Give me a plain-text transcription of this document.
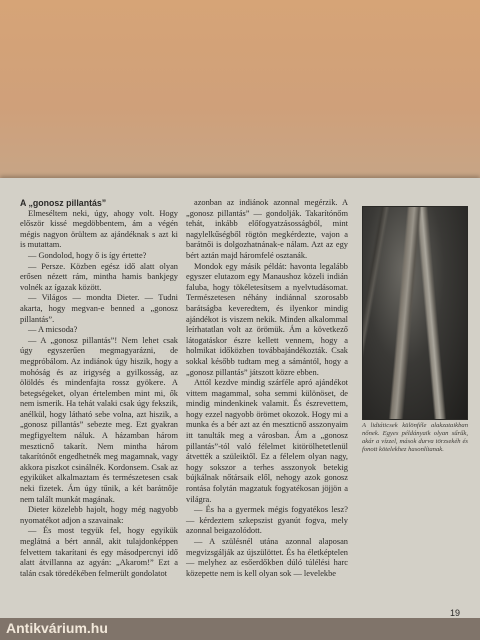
A „gonosz pillantás”

Elmeséltem neki, úgy, ahogy volt. Hogy először kissé megdöbbentem, ám a végén mégis nagyon örültem az ajándéknak s azt ki is mutattam.

— Gondolod, hogy ő is így értette?

— Persze. Közben egész idő alatt olyan erősen nézett rám, mintha hamis bankjegy volnék az ígazak között.

— Világos — mondta Dieter. — Tudni akarta, hogy megvan-e benned a „gonosz pillantás”.

— A micsoda?

— A „gonosz pillantás”! Nem lehet csak úgy egyszerűen megmagyarázni, de megpróbálom. Az indiánok úgy hiszik, hogy a mohóság és az irigység a gyilkosság, az ölöldés és mindenfajta rossz gyökere. A betegségeket, olyan értelemben mint mi, ők nem ismerik. Ha tehát valaki csak úgy fekszik, anélkül, hogy látható sebe volna, azt hiszik, a „gonosz pillantás” sebezte meg. Ezt gyakran megfigyeltem náluk. A házamban három meszticnő takarít. Nem mintha három takarítónőt engedhetnék meg magamnak, vagy akkora piszkot csinálnék. Kordonsem. Csak az egyiküket alkalmaztam és természetesen csak neki fizetek. Ám úgy tűnik, a két barátnője nem talált munkát magának.

Dieter közelebb hajolt, hogy még nagyobb nyomatékot adjon a szavainak:

— És most tegyük fel, hogy egyikük meglátná a bért annál, akit tulajdonképpen felvettem takarítani és egy másodpercnyi idő alatt átvillanna az agyán: „Akarom!” Ezt a talán csak töredékében felmerült gondolatot

azonban az indiánok azonnal megérzik. A „gonosz pillantás” — gondolják. Takarítónőm tehát, inkább előfogyatzásosságból, mint nagylelkűségből rögtön megkérdezte, vajon a barátnői is dolgozhatnának-e nálam. Azt az egy bért aztán majd háromfelé osztanák.

Mondok egy másik példát: havonta legalább egyszer elutazom egy Manaushoz közeli indián faluba, hogy tökéletesítsem a nyelvtudásomat. Természetesen néhány indiánnal szorosabb barátságba keveredtem, és ilyenkor mindig ajándékot is viszem nekik. Minden alkalommal leírhatatlan volt az örömük. Ám a következő látogatáskor észre kellett vennem, hogy a holmikat időközben továbbajándékozták. Csak sokkal később tudtam meg a sámántól, hogy a „gonosz pillantás” játszott közre ebben.

Attól kezdve mindig szárféle apró ajándékot vittem magammal, soha semmi különöset, de mindig mindenkinek valamit. És észrevettem, hogy ezzel nagyobb örömet okozok. Hogy mi a munka és a bér azt az én meszticnő asszonyaim itt tanulták meg a városban. Ám a „gonosz pillantás”-tól való félelmet kitörölhetetlenül átvették a szüleiktől. Ez a félelem olyan nagy, hogy sokszor a terhes asszonyok betekig bújkálnak nőtársaik elől, nehogy azok gonosz rontása folytán magzatuk fogyatékosan jöjjön a világra.

— És ha a gyermek mégis fogyatékos lesz? — kérdeztem szkepszist gyanút fogva, mely azonnal beigazolódott.

— A szülésnél utána azonnal alaposan megvizsgálják az újszülöttet. És ha életképtelen — melyhez az esőerdőkben dúló túlélési harc közepette nem is kell olyan sok — levelekbe

A lidtáticsek különféle alakzataikban nőnek. Egyes példányaik olyan sűrűk, akár a vízzel, mások durva törzsekéh és fonott kötelekhez hasonlítanak.
19
Antikvárium.hu
